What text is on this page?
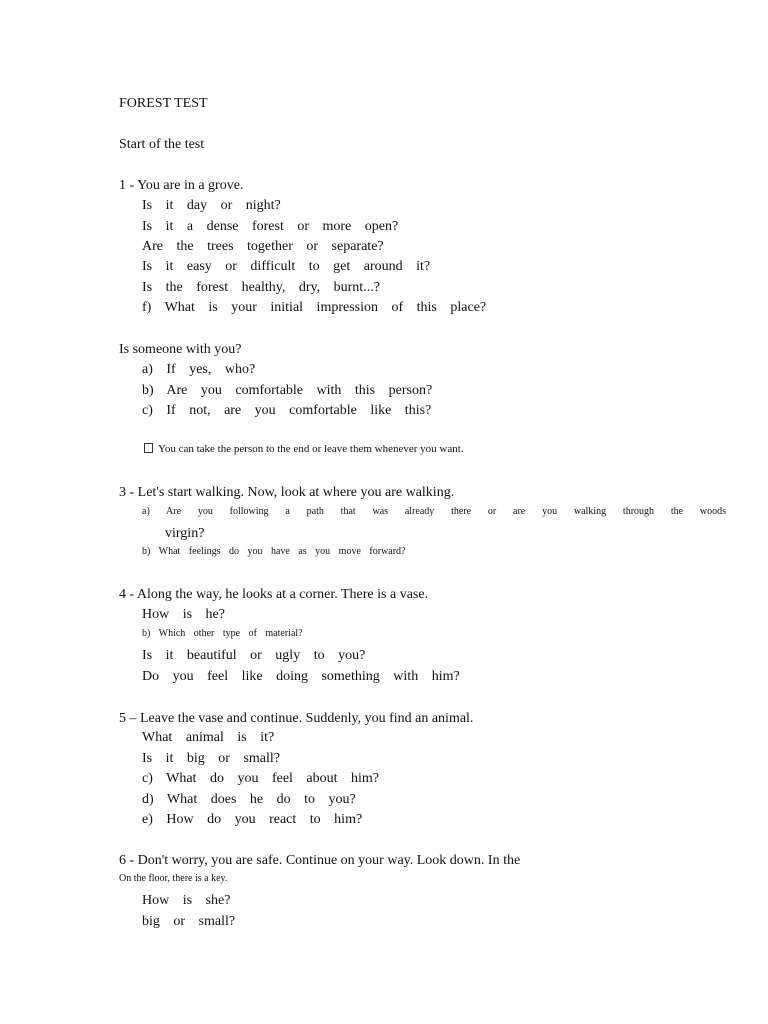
FOREST TEST
Start of the test
1 - You are in a grove.
Is it day or night?
Is it a dense forest or more open?
Are the trees together or separate?
Is it easy or difficult to get around it?
Is the forest healthy, dry, burnt...?
f) What is your initial impression of this place?
Is someone with you?
a) If yes, who?
b) Are you comfortable with this person?
c) If not, are you comfortable like this?
You can take the person to the end or leave them whenever you want.
3 - Let's start walking. Now, look at where you are walking.
a) Are you following a path that was already there or are you walking through the woods
virgin?
b) What feelings do you have as you move forward?
4 - Along the way, he looks at a corner. There is a vase.
How is he?
b) Which other type of material?
Is it beautiful or ugly to you?
Do you feel like doing something with him?
5 – Leave the vase and continue. Suddenly, you find an animal.
What animal is it?
Is it big or small?
c) What do you feel about him?
d) What does he do to you?
e) How do you react to him?
6 - Don't worry, you are safe. Continue on your way. Look down. In the
On the floor, there is a key.
How is she?
big or small?
